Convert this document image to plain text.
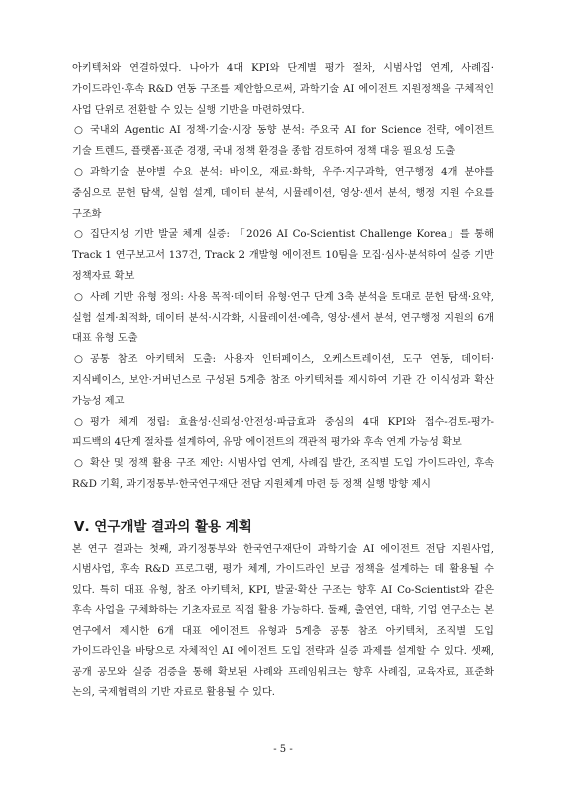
아키텍처와 연결하였다. 나아가 4대 KPI와 단계별 평가 절차, 시범사업 연계, 사례집·가이드라인·후속 R&D 연동 구조를 제안함으로써, 과학기술 AI 에이전트 지원정책을 구체적인 사업 단위로 전환할 수 있는 실행 기반을 마련하였다.

○ 국내외 Agentic AI 정책·기술·시장 동향 분석: 주요국 AI for Science 전략, 에이전트 기술 트렌드, 플랫폼·표준 경쟁, 국내 정책 환경을 종합 검토하여 정책 대응 필요성 도출

○ 과학기술 분야별 수요 분석: 바이오, 재료·화학, 우주·지구과학, 연구행정 4개 분야를 중심으로 문헌 탐색, 실험 설계, 데이터 분석, 시뮬레이션, 영상·센서 분석, 행정 지원 수요를 구조화

○ 집단지성 기반 발굴 체계 실증: 「2026 AI Co-Scientist Challenge Korea」를 통해 Track 1 연구보고서 137건, Track 2 개발형 에이전트 10팀을 모집·심사·분석하여 실증 기반 정책자료 확보

○ 사례 기반 유형 정의: 사용 목적·데이터 유형·연구 단계 3축 분석을 토대로 문헌 탐색·요약, 실험 설계·최적화, 데이터 분석·시각화, 시뮬레이션·예측, 영상·센서 분석, 연구행정 지원의 6개 대표 유형 도출

○ 공통 참조 아키텍처 도출: 사용자 인터페이스, 오케스트레이션, 도구 연동, 데이터·지식베이스, 보안·거버넌스로 구성된 5계층 참조 아키텍처를 제시하여 기관 간 이식성과 확산 가능성 제고

○ 평가 체계 정립: 효율성·신뢰성·안전성·파급효과 중심의 4대 KPI와 접수-검토-평가-피드백의 4단계 절차를 설계하여, 유망 에이전트의 객관적 평가와 후속 연계 가능성 확보

○ 확산 및 정책 활용 구조 제안: 시범사업 연계, 사례집 발간, 조직별 도입 가이드라인, 후속 R&D 기획, 과기정통부·한국연구재단 전담 지원체계 마련 등 정책 실행 방향 제시

Ⅴ. 연구개발 결과의 활용 계획

본 연구 결과는 첫째, 과기정통부와 한국연구재단이 과학기술 AI 에이전트 전담 지원사업, 시범사업, 후속 R&D 프로그램, 평가 체계, 가이드라인 보급 정책을 설계하는 데 활용될 수 있다. 특히 대표 유형, 참조 아키텍처, KPI, 발굴·확산 구조는 향후 AI Co-Scientist와 같은 후속 사업을 구체화하는 기초자료로 직접 활용 가능하다. 둘째, 출연연, 대학, 기업 연구소는 본 연구에서 제시한 6개 대표 에이전트 유형과 5계층 공통 참조 아키텍처, 조직별 도입 가이드라인을 바탕으로 자체적인 AI 에이전트 도입 전략과 실증 과제를 설계할 수 있다. 셋째, 공개 공모와 실증 검증을 통해 확보된 사례와 프레임워크는 향후 사례집, 교육자료, 표준화 논의, 국제협력의 기반 자료로 활용될 수 있다.

- 5 -
